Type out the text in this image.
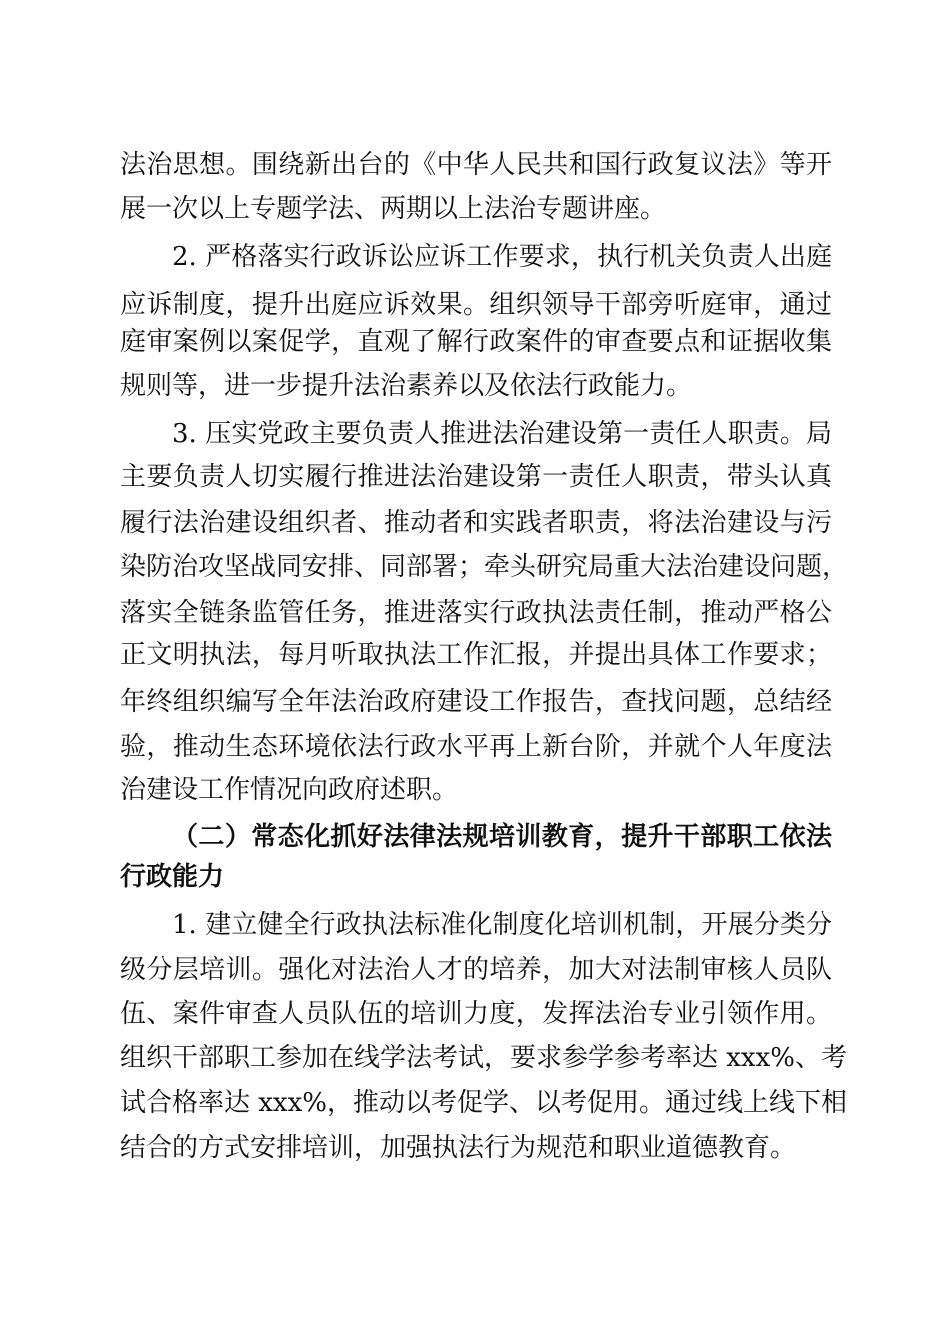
法治思想。围绕新出台的《中华人民共和国行政复议法》等开
展一次以上专题学法、两期以上法治专题讲座。
2. 严格落实行政诉讼应诉工作要求，执行机关负责人出庭
应诉制度，提升出庭应诉效果。组织领导干部旁听庭审，通过
庭审案例以案促学，直观了解行政案件的审查要点和证据收集
规则等，进一步提升法治素养以及依法行政能力。
3. 压实党政主要负责人推进法治建设第一责任人职责。局
主要负责人切实履行推进法治建设第一责任人职责，带头认真
履行法治建设组织者、推动者和实践者职责，将法治建设与污
染防治攻坚战同安排、同部署；牵头研究局重大法治建设问题，
落实全链条监管任务，推进落实行政执法责任制，推动严格公
正文明执法，每月听取执法工作汇报，并提出具体工作要求；
年终组织编写全年法治政府建设工作报告，查找问题，总结经
验，推动生态环境依法行政水平再上新台阶，并就个人年度法
治建设工作情况向政府述职。
（二）常态化抓好法律法规培训教育，提升干部职工依法
行政能力
1. 建立健全行政执法标准化制度化培训机制，开展分类分
级分层培训。强化对法治人才的培养，加大对法制审核人员队
伍、案件审查人员队伍的培训力度，发挥法治专业引领作用。
组织干部职工参加在线学法考试，要求参学参考率达 xxx%、考
试合格率达 xxx%，推动以考促学、以考促用。通过线上线下相
结合的方式安排培训，加强执法行为规范和职业道德教育。
